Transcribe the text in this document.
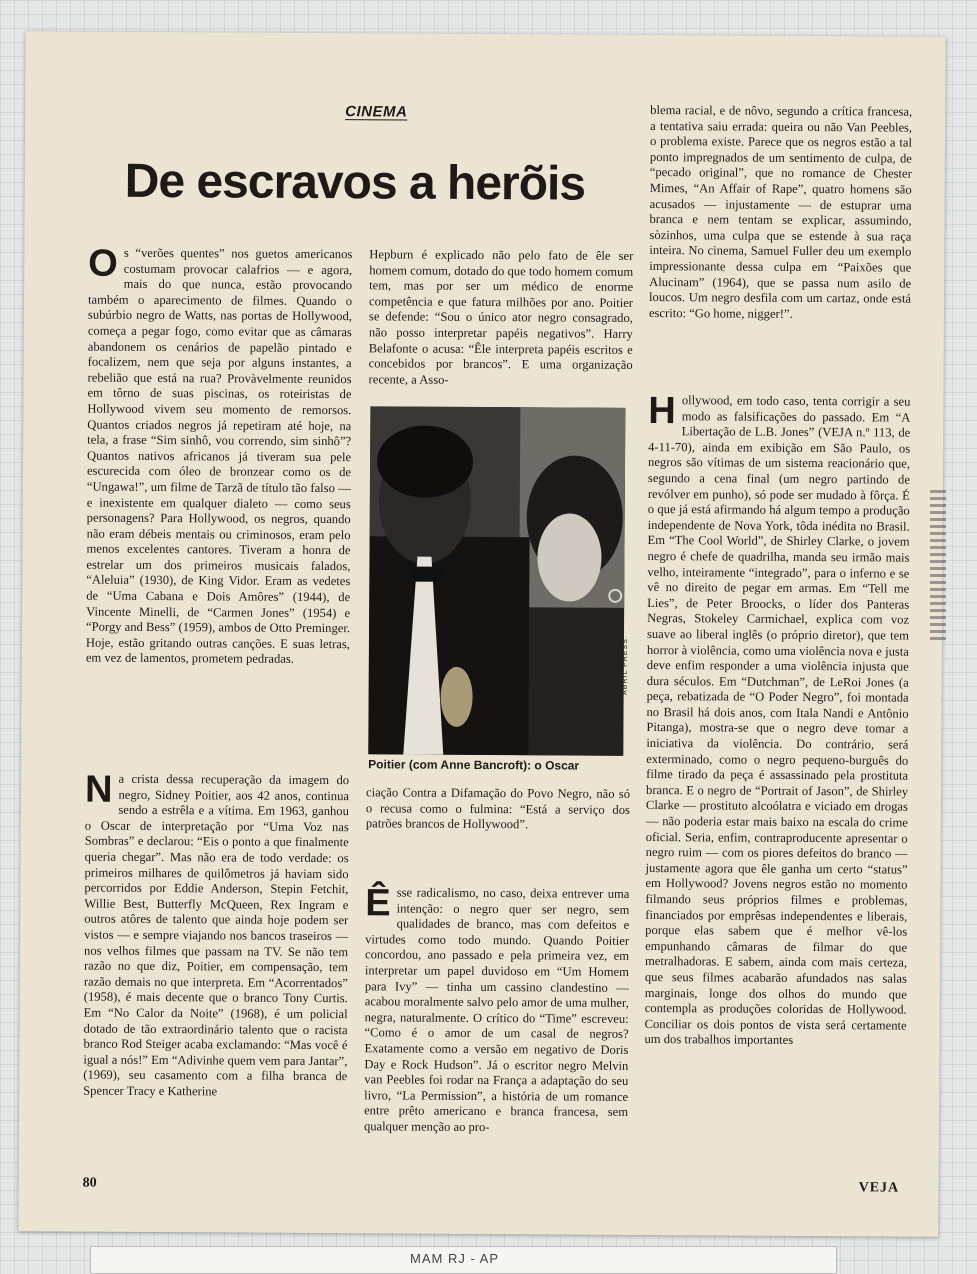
CINEMA
De escravos a herõis

Os “verões quentes” nos guetos americanos costumam provocar calafrios — e agora, mais do que nunca, estão provocando também o aparecimento de filmes. Quando o subúrbio negro de Watts, nas portas de Hollywood, começa a pegar fogo, como evitar que as câmaras abandonem os cenários de papelão pintado e focalizem, nem que seja por alguns instantes, a rebelião que está na rua? Provàvelmente reunidos em tôrno de suas piscinas, os roteiristas de Hollywood vivem seu momento de remorsos. Quantos criados negros já repetiram até hoje, na tela, a frase “Sim sinhô, vou correndo, sim sinhô”? Quantos nativos africanos já tiveram sua pele escurecida com óleo de bronzear como os de “Ungawa!”, um filme de Tarzã de título tão falso — e inexistente em qualquer dialeto — como seus personagens? Para Hollywood, os negros, quando não eram débeis mentais ou criminosos, eram pelo menos excelentes cantores. Tiveram a honra de estrelar um dos primeiros musicais falados, “Aleluia” (1930), de King Vidor. Eram as vedetes de “Uma Cabana e Dois Amôres” (1944), de Vincente Minelli, de “Carmen Jones” (1954) e “Porgy and Bess” (1959), ambos de Otto Preminger. Hoje, estão gritando outras canções. E suas letras, em vez de lamentos, prometem pedradas.

Na crista dessa recuperação da imagem do negro, Sidney Poitier, aos 42 anos, continua sendo a estrêla e a vítima. Em 1963, ganhou o Oscar de interpretação por “Uma Voz nas Sombras” e declarou: “Eis o ponto a que finalmente queria chegar”. Mas não era de todo verdade: os primeiros milhares de quilômetros já haviam sido percorridos por Eddie Anderson, Stepin Fetchit, Willie Best, Butterfly McQueen, Rex Ingram e outros atôres de talento que ainda hoje podem ser vistos — e sempre viajando nos bancos traseiros — nos velhos filmes que passam na TV. Se não tem razão no que diz, Poitier, em compensação, tem razão demais no que interpreta. Em “Acorrentados” (1958), é mais decente que o branco Tony Curtis. Em “No Calor da Noite” (1968), é um policial dotado de tão extraordinário talento que o racista branco Rod Steiger acaba exclamando: “Mas você é igual a nós!” Em “Adivinhe quem vem para Jantar”, (1969), seu casamento com a filha branca de Spencer Tracy e Katherine

Hepburn é explicado não pelo fato de êle ser homem comum, dotado do que todo homem comum tem, mas por ser um médico de enorme competência e que fatura milhões por ano. Poitier se defende: “Sou o único ator negro consagrado, não posso interpretar papéis negativos”. Harry Belafonte o acusa: “Êle interpreta papéis escritos e concebidos por brancos”. E uma organização recente, a Asso-

ABRIL PRESS
Poitier (com Anne Bancroft): o Oscar

ciação Contra a Difamação do Povo Negro, não só o recusa como o fulmina: “Está a serviço dos patrões brancos de Hollywood”.

Êsse radicalismo, no caso, deixa entrever uma intenção: o negro quer ser negro, sem qualidades de branco, mas com defeitos e virtudes como todo mundo. Quando Poitier concordou, ano passado e pela primeira vez, em interpretar um papel duvidoso em “Um Homem para Ivy” — tinha um cassino clandestino — acabou moralmente salvo pelo amor de uma mulher, negra, naturalmente. O crítico do “Time” escreveu: “Como é o amor de um casal de negros? Exatamente como a versão em negativo de Doris Day e Rock Hudson”. Já o escritor negro Melvin van Peebles foi rodar na França a adaptação do seu livro, “La Permission”, a história de um romance entre prêto americano e branca francesa, sem qualquer menção ao pro-

blema racial, e de nôvo, segundo a crítica francesa, a tentativa saiu errada: queira ou não Van Peebles, o problema existe. Parece que os negros estão a tal ponto impregnados de um sentimento de culpa, de “pecado original”, que no romance de Chester Mimes, “An Affair of Rape”, quatro homens são acusados — injustamente — de estuprar uma branca e nem tentam se explicar, assumindo, sòzinhos, uma culpa que se estende à sua raça inteira. No cinema, Samuel Fuller deu um exemplo impressionante dessa culpa em “Paixões que Alucinam” (1964), que se passa num asilo de loucos. Um negro desfila com um cartaz, onde está escrito: “Go home, nigger!”.

Hollywood, em todo caso, tenta corrigir a seu modo as falsificações do passado. Em “A Libertação de L.B. Jones” (VEJA n.º 113, de 4-11-70), ainda em exibição em São Paulo, os negros são vítimas de um sistema reacionário que, segundo a cena final (um negro partindo de revólver em punho), só pode ser mudado à fôrça. É o que já está afirmando há algum tempo a produção independente de Nova York, tôda inédita no Brasil. Em “The Cool World”, de Shirley Clarke, o jovem negro é chefe de quadrilha, manda seu irmão mais velho, inteiramente “integrado”, para o inferno e se vê no direito de pegar em armas. Em “Tell me Lies”, de Peter Broocks, o líder dos Panteras Negras, Stokeley Carmichael, explica com voz suave ao liberal inglês (o próprio diretor), que tem horror à violência, como uma violência nova e justa deve enfim responder a uma violência injusta que dura séculos. Em “Dutchman”, de LeRoi Jones (a peça, rebatizada de “O Poder Negro”, foi montada no Brasil há dois anos, com Itala Nandi e Antônio Pitanga), mostra-se que o negro deve tomar a iniciativa da violência. Do contrário, será exterminado, como o negro pequeno-burguês do filme tirado da peça é assassinado pela prostituta branca. E o negro de “Portrait of Jason”, de Shirley Clarke — prostituto alcoólatra e viciado em drogas — não poderia estar mais baixo na escala do crime oficial. Seria, enfim, contraproducente apresentar o negro ruim — com os piores defeitos do branco — justamente agora que êle ganha um certo “status” em Hollywood? Jovens negros estão no momento filmando seus próprios filmes e problemas, financiados por emprêsas independentes e liberais, porque elas sabem que é melhor vê-los empunhando câmaras de filmar do que metralhadoras. E sabem, ainda com mais certeza, que seus filmes acabarão afundados nas salas marginais, longe dos olhos do mundo que contempla as produções coloridas de Hollywood. Conciliar os dois pontos de vista será certamente um dos trabalhos importantes

80	VEJA
MAM RJ - AP
